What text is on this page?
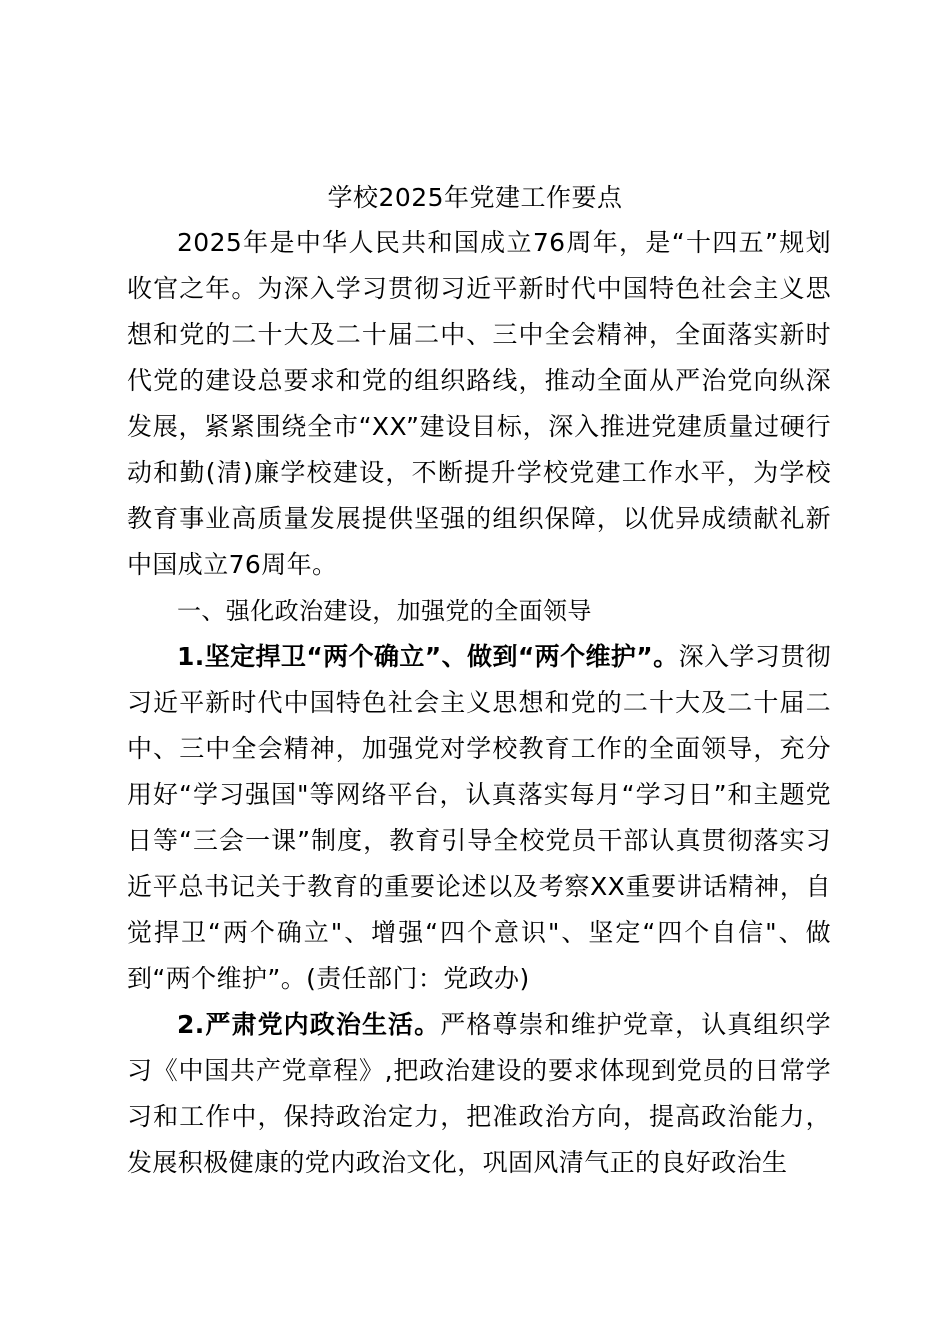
学校2025年党建工作要点

2025年是中华人民共和国成立76周年，是“十四五”规划收官之年。为深入学习贯彻习近平新时代中国特色社会主义思想和党的二十大及二十届二中、三中全会精神，全面落实新时代党的建设总要求和党的组织路线，推动全面从严治党向纵深发展，紧紧围绕全市“XX”建设目标，深入推进党建质量过硬行动和勤(清)廉学校建设，不断提升学校党建工作水平，为学校教育事业高质量发展提供坚强的组织保障，以优异成绩献礼新中国成立76周年。

一、强化政治建设，加强党的全面领导

1.坚定捍卫“两个确立”、做到“两个维护”。深入学习贯彻习近平新时代中国特色社会主义思想和党的二十大及二十届二中、三中全会精神，加强党对学校教育工作的全面领导，充分用好“学习强国"等网络平台，认真落实每月“学习日”和主题党日等“三会一课”制度，教育引导全校党员干部认真贯彻落实习近平总书记关于教育的重要论述以及考察XX重要讲话精神，自觉捍卫“两个确立"、增强“四个意识"、坚定“四个自信"、做到“两个维护”。(责任部门：党政办)

2.严肃党内政治生活。严格尊崇和维护党章，认真组织学习《中国共产党章程》,把政治建设的要求体现到党员的日常学习和工作中，保持政治定力，把准政治方向，提高政治能力，发展积极健康的党内政治文化，巩固风清气正的良好政治生
